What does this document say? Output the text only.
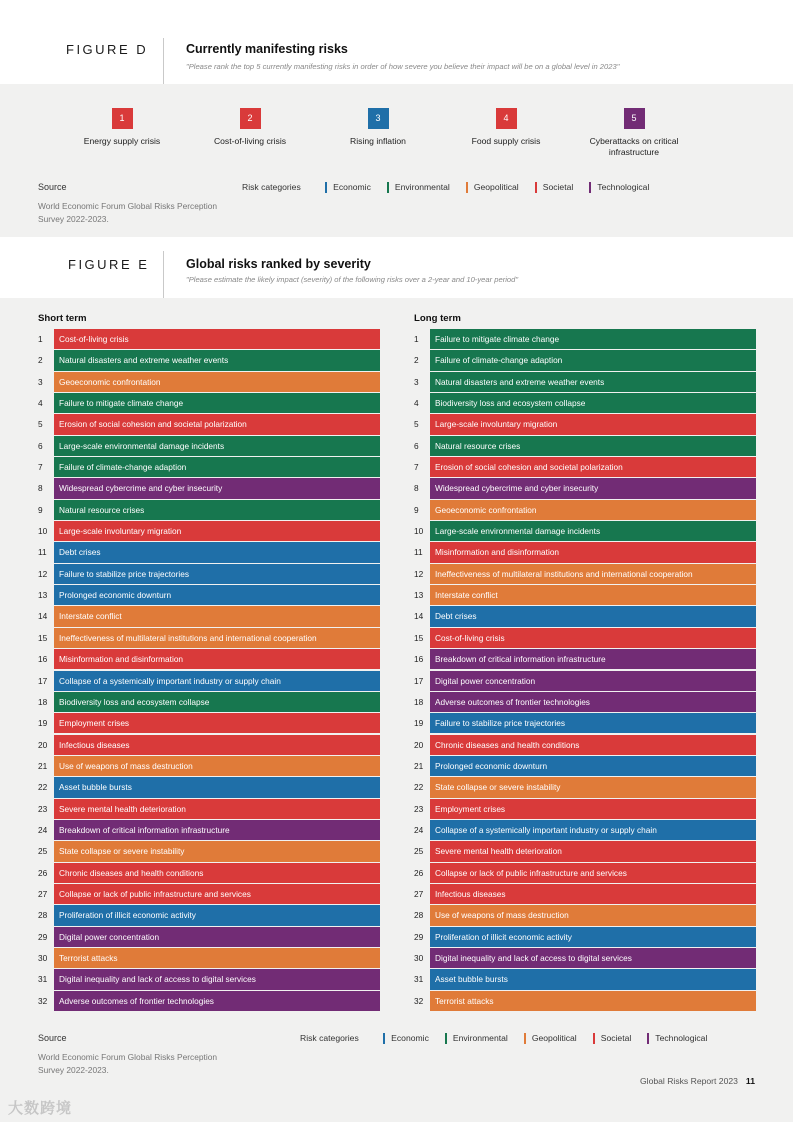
FIGURE D	Currently manifesting risks
"Please rank the top 5 currently manifesting risks in order of how severe you believe their impact will be on a global level in 2023"
1
Energy supply crisis
2
Cost-of-living crisis
3
Rising inflation
4
Food supply crisis
5
Cyberattacks on critical infrastructure
Source
World Economic Forum Global Risks Perception Survey 2022-2023.
Risk categories	Economic	Environmental	Geopolitical	Societal	Technological
FIGURE E	Global risks ranked by severity
"Please estimate the likely impact (severity) of the following risks over a 2-year and 10-year period"
Short term	Long term
1	Cost-of-living crisis
2	Natural disasters and extreme weather events
3	Geoeconomic confrontation
4	Failure to mitigate climate change
5	Erosion of social cohesion and societal polarization
6	Large-scale environmental damage incidents
7	Failure of climate-change adaption
8	Widespread cybercrime and cyber insecurity
9	Natural resource crises
10	Large-scale involuntary migration
11	Debt crises
12	Failure to stabilize price trajectories
13	Prolonged economic downturn
14	Interstate conflict
15	Ineffectiveness of multilateral institutions and international cooperation
16	Misinformation and disinformation
17	Collapse of a systemically important industry or supply chain
18	Biodiversity loss and ecosystem collapse
19	Employment crises
20	Infectious diseases
21	Use of weapons of mass destruction
22	Asset bubble bursts
23	Severe mental health deterioration
24	Breakdown of critical information infrastructure
25	State collapse or severe instability
26	Chronic diseases and health conditions
27	Collapse or lack of public infrastructure and services
28	Proliferation of illicit economic activity
29	Digital power concentration
30	Terrorist attacks
31	Digital inequality and lack of access to digital services
32	Adverse outcomes of frontier technologies
1	Failure to mitigate climate change
2	Failure of climate-change adaption
3	Natural disasters and extreme weather events
4	Biodiversity loss and ecosystem collapse
5	Large-scale involuntary migration
6	Natural resource crises
7	Erosion of social cohesion and societal polarization
8	Widespread cybercrime and cyber insecurity
9	Geoeconomic confrontation
10	Large-scale environmental damage incidents
11	Misinformation and disinformation
12	Ineffectiveness of multilateral institutions and international cooperation
13	Interstate conflict
14	Debt crises
15	Cost-of-living crisis
16	Breakdown of critical information infrastructure
17	Digital power concentration
18	Adverse outcomes of frontier technologies
19	Failure to stabilize price trajectories
20	Chronic diseases and health conditions
21	Prolonged economic downturn
22	State collapse or severe instability
23	Employment crises
24	Collapse of a systemically important industry or supply chain
25	Severe mental health deterioration
26	Collapse or lack of public infrastructure and services
27	Infectious diseases
28	Use of weapons of mass destruction
29	Proliferation of illicit economic activity
30	Digital inequality and lack of access to digital services
31	Asset bubble bursts
32	Terrorist attacks
Source
World Economic Forum Global Risks Perception Survey 2022-2023.
Risk categories	Economic	Environmental	Geopolitical	Societal	Technological
Global Risks Report 2023 11
大数跨境
